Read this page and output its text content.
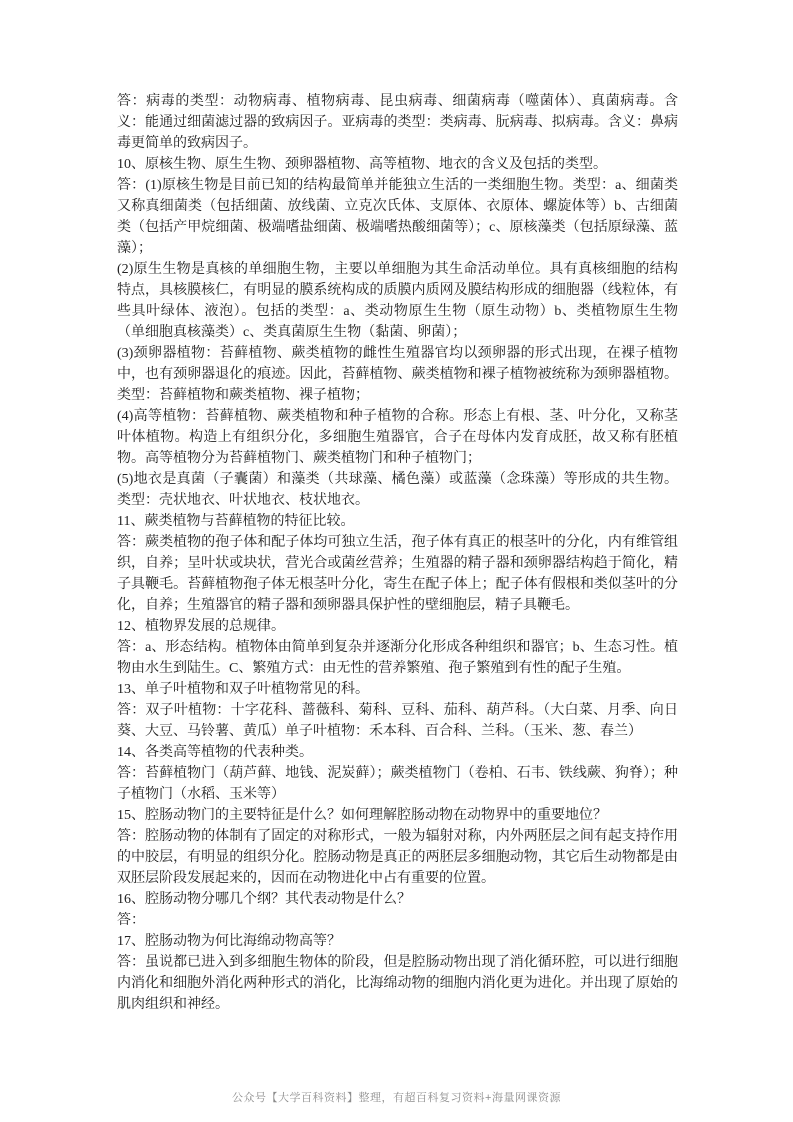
答：病毒的类型：动物病毒、植物病毒、昆虫病毒、细菌病毒（噬菌体）、真菌病毒。含义：能通过细菌滤过器的致病因子。亚病毒的类型：类病毒、朊病毒、拟病毒。含义：鼻病毒更简单的致病因子。

10、原核生物、原生生物、颈卵器植物、高等植物、地衣的含义及包括的类型。

答：(1)原核生物是目前已知的结构最简单并能独立生活的一类细胞生物。类型：a、细菌类又称真细菌类（包括细菌、放线菌、立克次氏体、支原体、衣原体、螺旋体等）b、古细菌类（包括产甲烷细菌、极端嗜盐细菌、极端嗜热酸细菌等）；c、原核藻类（包括原绿藻、蓝藻）；

(2)原生生物是真核的单细胞生物，主要以单细胞为其生命活动单位。具有真核细胞的结构特点，具核膜核仁，有明显的膜系统构成的质膜内质网及膜结构形成的细胞器（线粒体，有些具叶绿体、液泡）。包括的类型：a、类动物原生生物（原生动物）b、类植物原生生物（单细胞真核藻类）c、类真菌原生生物（黏菌、卵菌）；

(3)颈卵器植物：苔藓植物、蕨类植物的雌性生殖器官均以颈卵器的形式出现，在裸子植物中，也有颈卵器退化的痕迹。因此，苔藓植物、蕨类植物和裸子植物被统称为颈卵器植物。类型：苔藓植物和蕨类植物、裸子植物；

(4)高等植物：苔藓植物、蕨类植物和种子植物的合称。形态上有根、茎、叶分化，又称茎叶体植物。构造上有组织分化，多细胞生殖器官，合子在母体内发育成胚，故又称有胚植物。高等植物分为苔藓植物门、蕨类植物门和种子植物门；

(5)地衣是真菌（子囊菌）和藻类（共球藻、橘色藻）或蓝藻（念珠藻）等形成的共生物。类型：壳状地衣、叶状地衣、枝状地衣。

11、蕨类植物与苔藓植物的特征比较。

答：蕨类植物的孢子体和配子体均可独立生活，孢子体有真正的根茎叶的分化，内有维管组织，自养；呈叶状或块状，营光合或菌丝营养；生殖器的精子器和颈卵器结构趋于简化，精子具鞭毛。苔藓植物孢子体无根茎叶分化，寄生在配子体上；配子体有假根和类似茎叶的分化，自养；生殖器官的精子器和颈卵器具保护性的壁细胞层，精子具鞭毛。

12、植物界发展的总规律。

答：a、形态结构。植物体由简单到复杂并逐渐分化形成各种组织和器官；b、生态习性。植物由水生到陆生。C、繁殖方式：由无性的营养繁殖、孢子繁殖到有性的配子生殖。

13、单子叶植物和双子叶植物常见的科。

答：双子叶植物：十字花科、蔷薇科、菊科、豆科、茄科、葫芦科。（大白菜、月季、向日葵、大豆、马铃薯、黄瓜）单子叶植物：禾本科、百合科、兰科。（玉米、葱、春兰）

14、各类高等植物的代表种类。

答：苔藓植物门（葫芦藓、地钱、泥炭藓）；蕨类植物门（卷柏、石韦、铁线蕨、狗脊）；种子植物门（水稻、玉米等）

15、腔肠动物门的主要特征是什么？如何理解腔肠动物在动物界中的重要地位？

答：腔肠动物的体制有了固定的对称形式，一般为辐射对称，内外两胚层之间有起支持作用的中胶层，有明显的组织分化。腔肠动物是真正的两胚层多细胞动物，其它后生动物都是由双胚层阶段发展起来的，因而在动物进化中占有重要的位置。

16、腔肠动物分哪几个纲？其代表动物是什么？

答：

17、腔肠动物为何比海绵动物高等？

答：虽说都已进入到多细胞生物体的阶段，但是腔肠动物出现了消化循环腔，可以进行细胞内消化和细胞外消化两种形式的消化，比海绵动物的细胞内消化更为进化。并出现了原始的肌肉组织和神经。

公众号【大学百科资料】整理，有超百科复习资料+海量网课资源
